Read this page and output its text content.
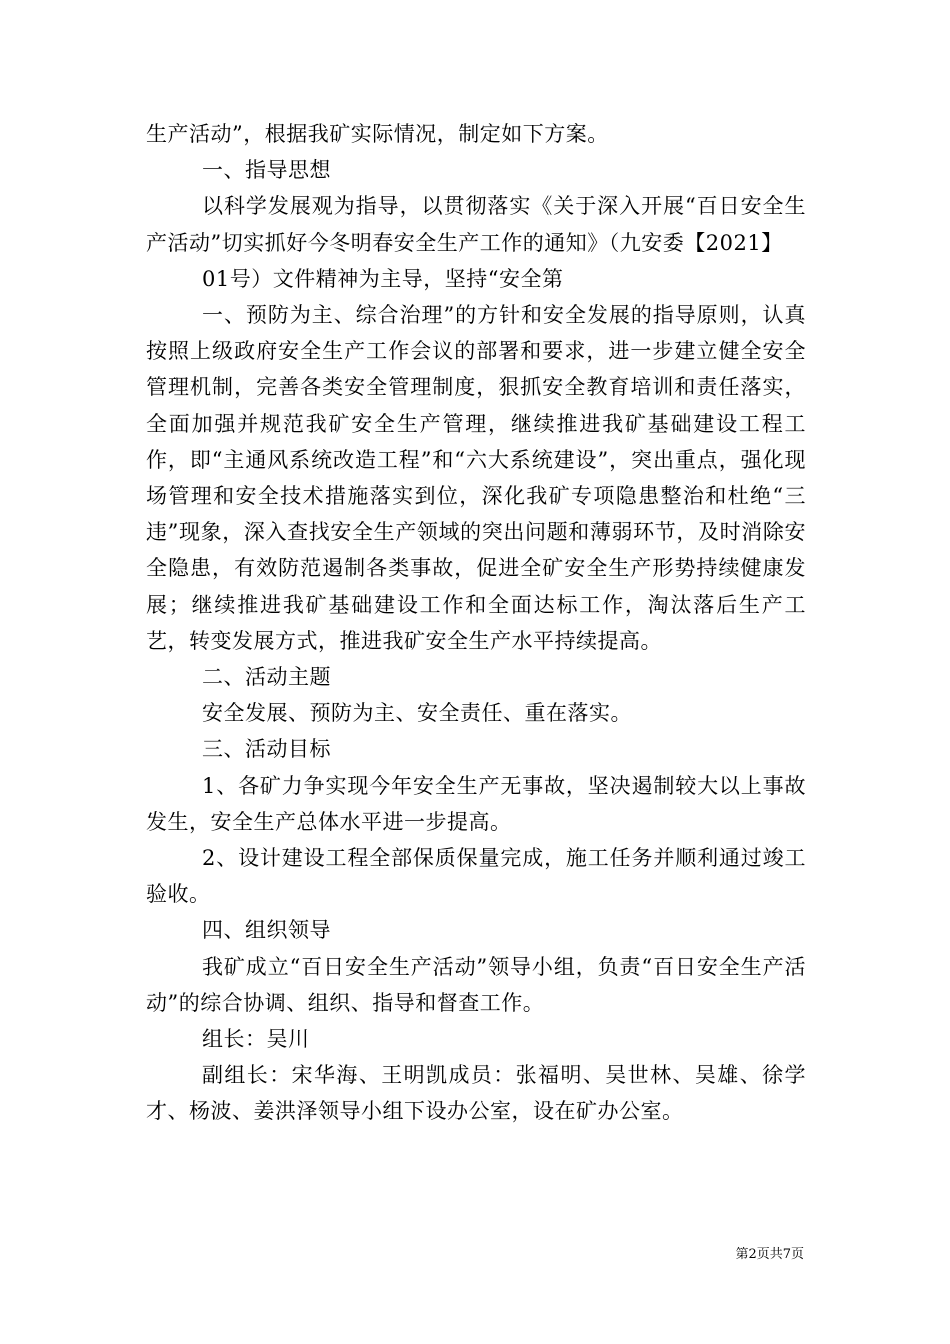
生产活动”，根据我矿实际情况，制定如下方案。

一、指导思想

以科学发展观为指导，以贯彻落实《关于深入开展“百日安全生产活动”切实抓好今冬明春安全生产工作的通知》（九安委【2021】

01号）文件精神为主导，坚持“安全第

一、预防为主、综合治理”的方针和安全发展的指导原则，认真按照上级政府安全生产工作会议的部署和要求，进一步建立健全安全管理机制，完善各类安全管理制度，狠抓安全教育培训和责任落实，全面加强并规范我矿安全生产管理，继续推进我矿基础建设工程工作，即“主通风系统改造工程”和“六大系统建设”，突出重点，强化现场管理和安全技术措施落实到位，深化我矿专项隐患整治和杜绝“三违”现象，深入查找安全生产领域的突出问题和薄弱环节，及时消除安全隐患，有效防范遏制各类事故，促进全矿安全生产形势持续健康发展；继续推进我矿基础建设工作和全面达标工作，淘汰落后生产工艺，转变发展方式，推进我矿安全生产水平持续提高。

二、活动主题

安全发展、预防为主、安全责任、重在落实。

三、活动目标

1、各矿力争实现今年安全生产无事故，坚决遏制较大以上事故发生，安全生产总体水平进一步提高。

2、设计建设工程全部保质保量完成，施工任务并顺利通过竣工验收。

四、组织领导

我矿成立“百日安全生产活动”领导小组，负责“百日安全生产活动”的综合协调、组织、指导和督查工作。

组长：吴川

副组长：宋华海、王明凯成员：张福明、吴世林、吴雄、徐学才、杨波、姜洪泽领导小组下设办公室，设在矿办公室。

第2页共7页
